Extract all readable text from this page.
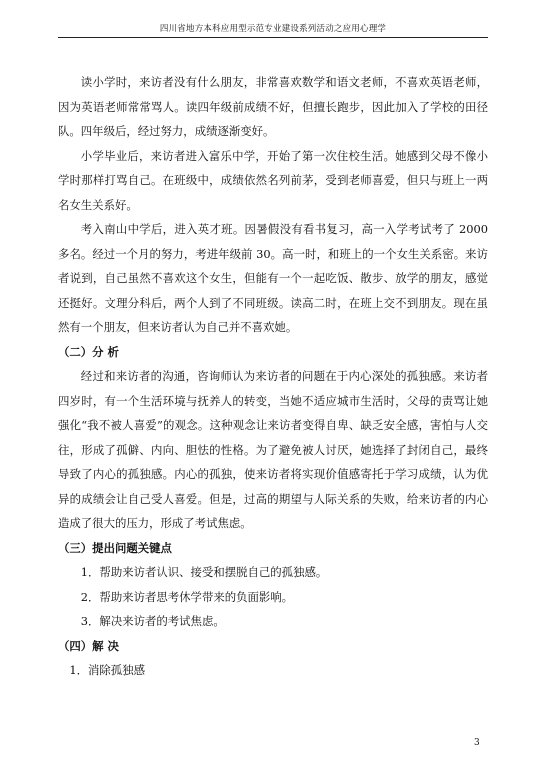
四川省地方本科应用型示范专业建设系列活动之应用心理学

读小学时，来访者没有什么朋友，非常喜欢数学和语文老师，不喜欢英语老师，因为英语老师常常骂人。读四年级前成绩不好，但擅长跑步，因此加入了学校的田径队。四年级后，经过努力，成绩逐渐变好。

小学毕业后，来访者进入富乐中学，开始了第一次住校生活。她感到父母不像小学时那样打骂自己。在班级中，成绩依然名列前茅，受到老师喜爱，但只与班上一两名女生关系好。

考入南山中学后，进入英才班。因暑假没有看书复习，高一入学考试考了 2000 多名。经过一个月的努力，考进年级前 30。高一时，和班上的一个女生关系密。来访者说到，自己虽然不喜欢这个女生，但能有一个一起吃饭、散步、放学的朋友，感觉还挺好。文理分科后，两个人到了不同班级。读高二时，在班上交不到朋友。现在虽然有一个朋友，但来访者认为自己并不喜欢她。

（二）分 析

经过和来访者的沟通，咨询师认为来访者的问题在于内心深处的孤独感。来访者四岁时，有一个生活环境与抚养人的转变，当她不适应城市生活时，父母的责骂让她强化“我不被人喜爱”的观念。这种观念让来访者变得自卑、缺乏安全感，害怕与人交往，形成了孤僻、内向、胆怯的性格。为了避免被人讨厌，她选择了封闭自己，最终导致了内心的孤独感。内心的孤独，使来访者将实现价值感寄托于学习成绩，认为优异的成绩会让自己受人喜爱。但是，过高的期望与人际关系的失败，给来访者的内心造成了很大的压力，形成了考试焦虑。

（三）提出问题关键点

1．帮助来访者认识、接受和摆脱自己的孤独感。

2．帮助来访者思考休学带来的负面影响。

3．解决来访者的考试焦虑。

（四）解 决

1．消除孤独感

3
